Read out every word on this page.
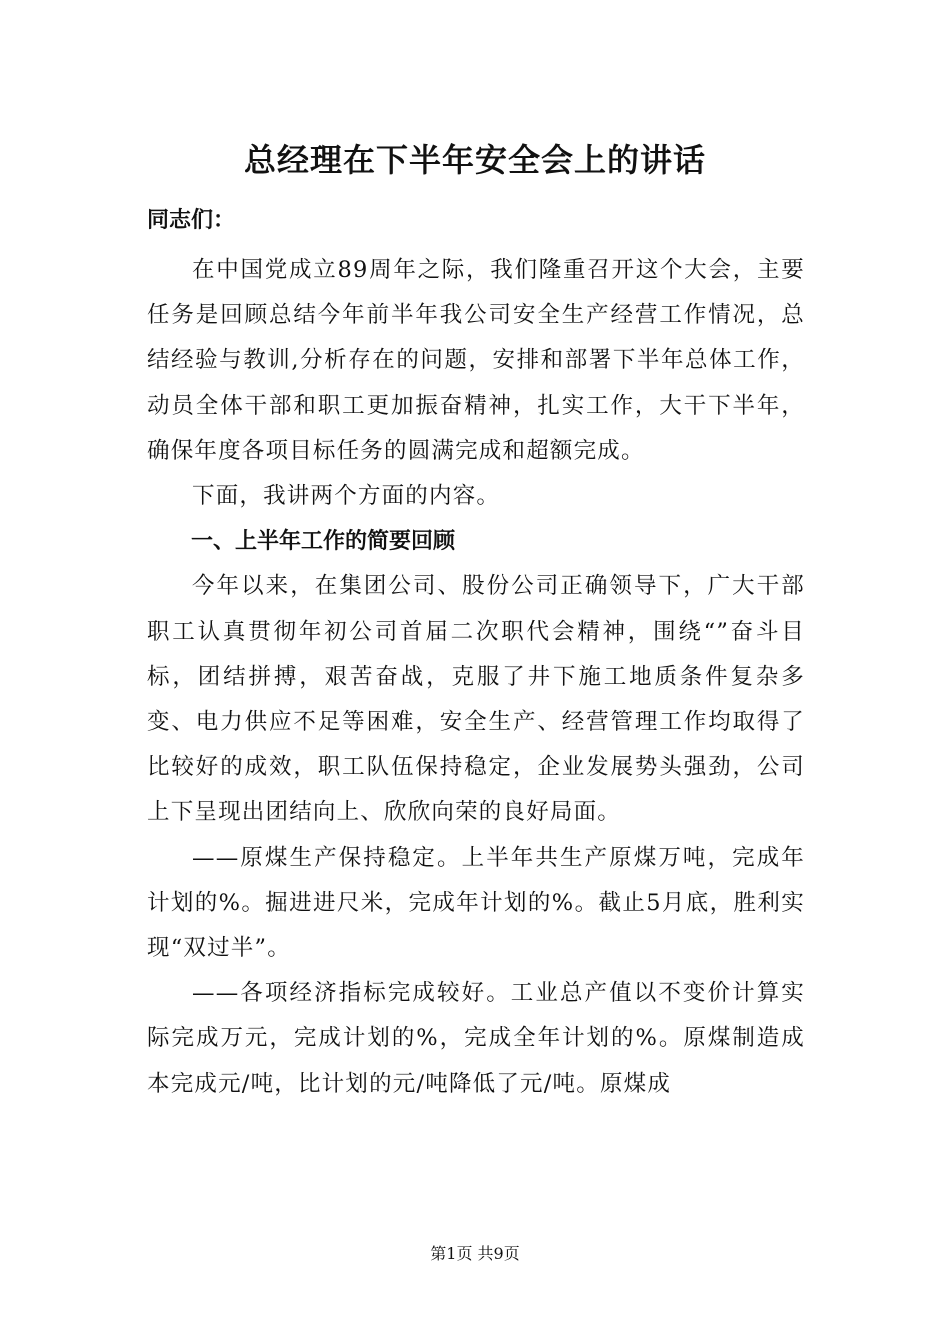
总经理在下半年安全会上的讲话

同志们：

在中国党成立89周年之际，我们隆重召开这个大会，主要任务是回顾总结今年前半年我公司安全生产经营工作情况，总结经验与教训,分析存在的问题，安排和部署下半年总体工作，动员全体干部和职工更加振奋精神，扎实工作，大干下半年，确保年度各项目标任务的圆满完成和超额完成。

下面，我讲两个方面的内容。

一、上半年工作的简要回顾

今年以来，在集团公司、股份公司正确领导下，广大干部职工认真贯彻年初公司首届二次职代会精神，围绕“”奋斗目标，团结拼搏，艰苦奋战，克服了井下施工地质条件复杂多变、电力供应不足等困难，安全生产、经营管理工作均取得了比较好的成效，职工队伍保持稳定，企业发展势头强劲，公司上下呈现出团结向上、欣欣向荣的良好局面。

——原煤生产保持稳定。上半年共生产原煤万吨，完成年计划的%。掘进进尺米，完成年计划的%。截止5月底，胜利实现“双过半”。

——各项经济指标完成较好。工业总产值以不变价计算实际完成万元，完成计划的%，完成全年计划的%。原煤制造成本完成元/吨，比计划的元/吨降低了元/吨。原煤成

第1页 共9页
